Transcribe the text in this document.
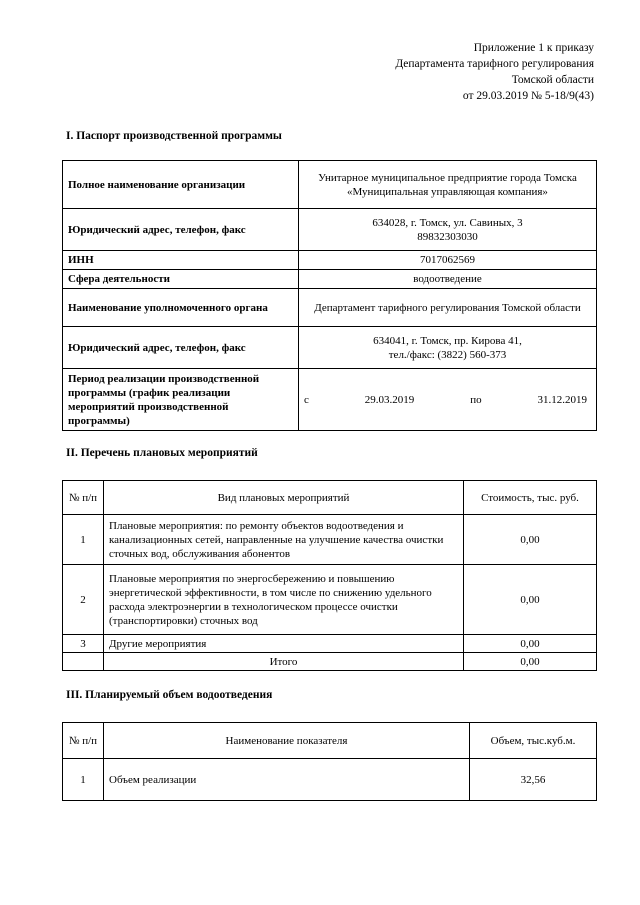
Приложение 1 к приказу
Департамента тарифного регулирования
Томской области
от 29.03.2019 № 5-18/9(43)
I. Паспорт производственной программы
Полное наименование организации	Унитарное муниципальное предприятие города Томска «Муниципальная управляющая компания»
Юридический адрес, телефон, факс	634028, г. Томск, ул. Савиных, 3
89832303030

ИНН	7017062569
Сфера деятельности	водоотведение
Наименование уполномоченного органа	Департамент тарифного регулирования Томской области
Юридический адрес, телефон, факс	634041, г. Томск, пр. Кирова 41,
тел./факс: (3822) 560-373

Период реализации производственной программы (график реализации мероприятий производственной программы)	с 29.03.2019 по 31.12.2019
II. Перечень плановых мероприятий
№ п/п	Вид плановых мероприятий	Стоимость, тыс. руб.
1	Плановые мероприятия: по ремонту объектов водоотведения и канализационных сетей, направленные на улучшение качества очистки сточных вод, обслуживания абонентов	0,00
2	Плановые мероприятия по энергосбережению и повышению энергетической эффективности, в том числе по снижению удельного расхода электроэнергии в технологическом процессе очистки (транспортировки) сточных вод	0,00
3	Другие мероприятия	0,00
	Итого	0,00
III. Планируемый объем водоотведения
№ п/п	Наименование показателя	Объем, тыс.куб.м.
1	Объем реализации	32,56
